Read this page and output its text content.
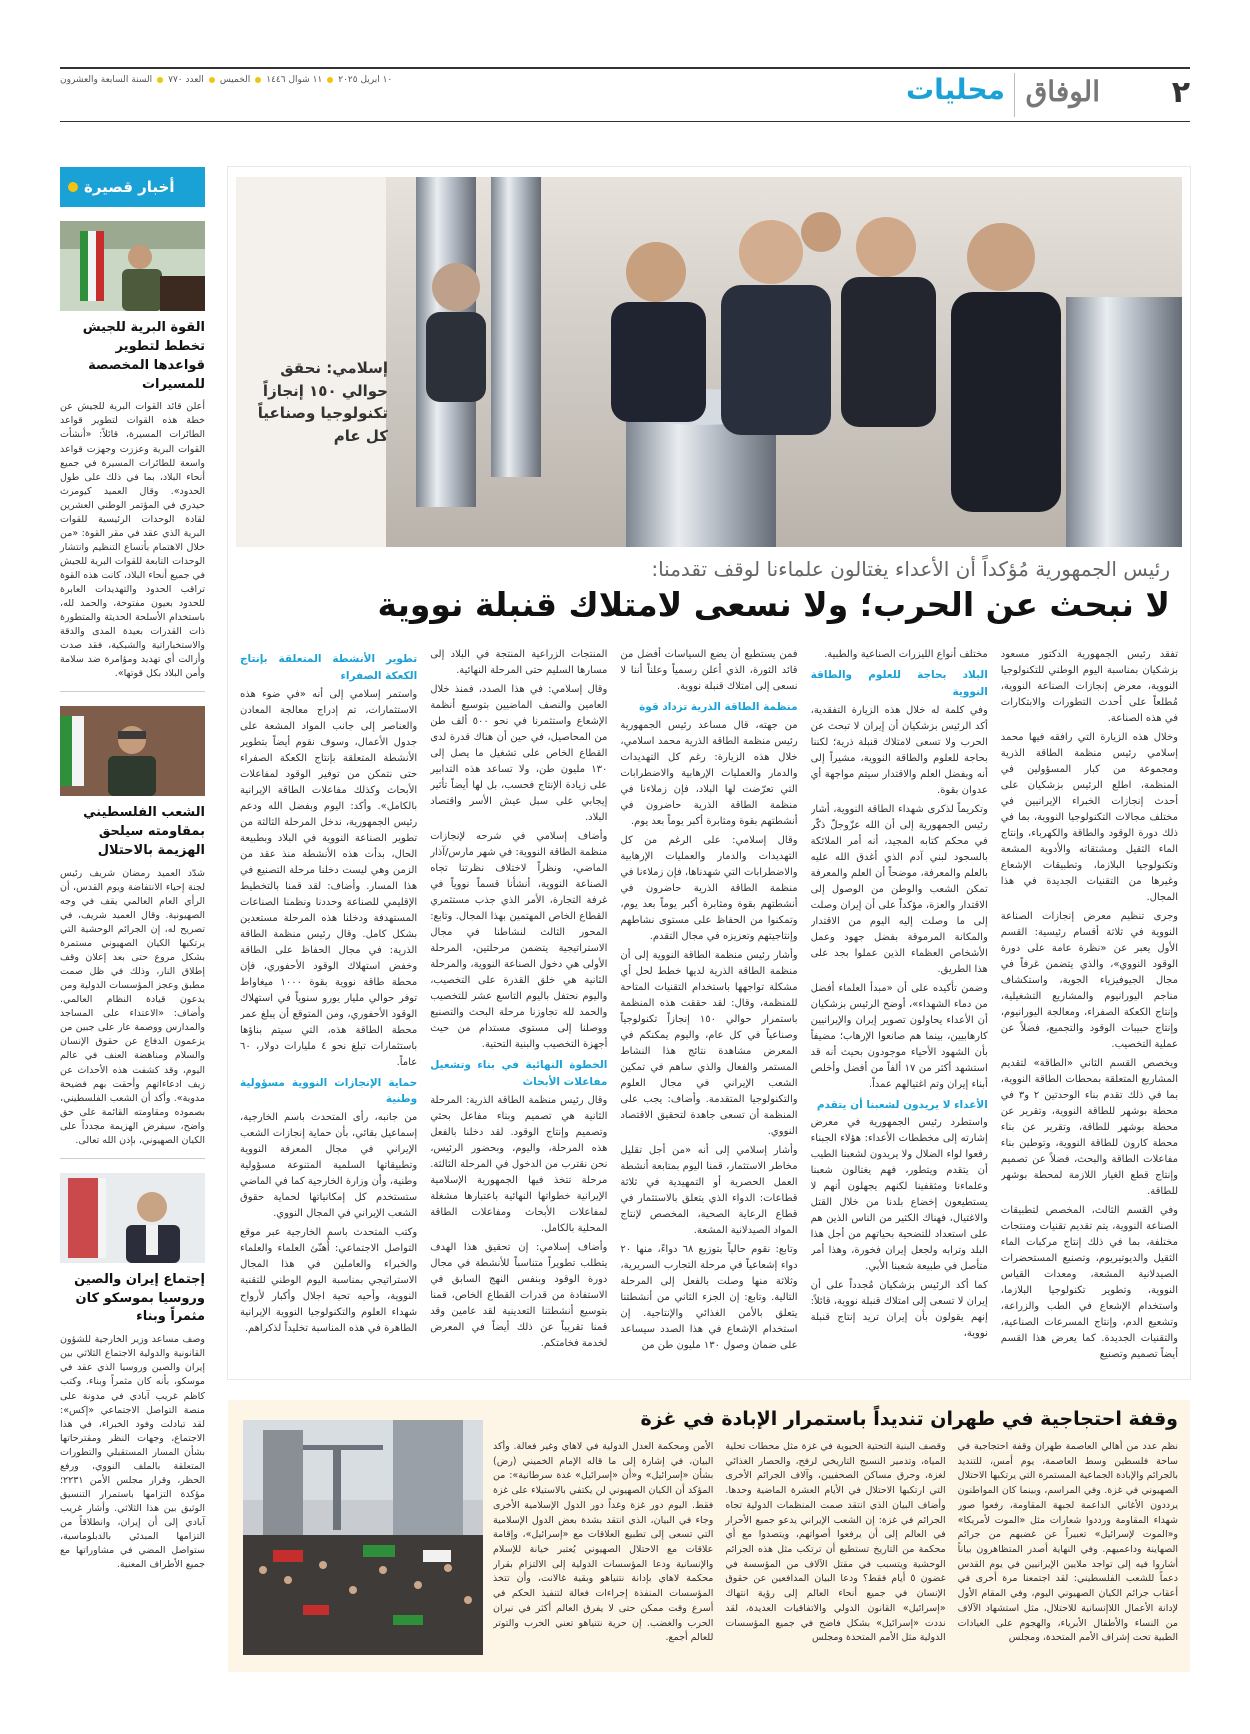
٢
الوفاق
محليات
السنة السابعة والعشرون العدد ٧٧٠ الخميس ١١ شوال ١٤٤٦ ١٠ ابريل ٢٠٢٥
أخبار قصيرة
القوة البرية للجيش تخطط لتطوير قواعدها المخصصة للمسيرات
أعلن قائد القوات البرية للجيش عن خطة هذه القوات لتطوير قواعد الطائرات المسيرة، قائلاً: «أنشأت القوات البرية وعززت وجهزت قواعد واسعة للطائرات المسيرة في جميع أنحاء البلاد، بما في ذلك على طول الحدود». وقال العميد كيومرث حيدري في المؤتمر الوطني العشرين لقادة الوحدات الرئيسية للقوات البرية الذي عقد في مقر القوة: «من خلال الاهتمام بأتساع التنظيم وانتشار الوحدات التابعة للقوات البرية للجيش في جميع أنحاء البلاد، كانت هذه القوة تراقب الحدود والتهديدات العابرة للحدود بعيون مفتوحة، والحمد لله، باستخدام الأسلحة الحديثة والمتطورة ذات القدرات بعيدة المدى والدقة والاستخباراتية والشبكية، فقد صدت وأزالت أي تهديد ومؤامرة ضد سلامة وأمن البلاد بكل قوتها».
الشعب الفلسطيني بمقاومته سيلحق الهزيمة بالاحتلال
شدّد العميد رمضان شريف رئيس لجنة إحياء الانتفاضة ويوم القدس، أن الرأي العام العالمي يقف في وجه الصهيونية. وقال العميد شريف، في تصريح له، إن الجرائم الوحشية التي يرتكبها الكيان الصهيوني مستمرة بشكل مروع حتى بعد إعلان وقف إطلاق النار، وذلك في ظل صمت مطبق وعجز المؤسسات الدولية ومن يدعون قيادة النظام العالمي. وأضاف: «الاعتداء على المساجد والمدارس ووصمة عار على جبين من يزعمون الدفاع عن حقوق الإنسان والسلام ومناهضة العنف في عالم اليوم، وقد كشفت هذه الأحداث عن زيف ادعاءاتهم وأحقت بهم فضيحة مدوية». وأكد أن الشعب الفلسطيني، بصموده ومقاومته القائمة على حق واضح، سيفرض الهزيمة مجدداً على الكيان الصهيوني، بإذن الله تعالى.
إجتماع إيران والصين وروسيا بموسكو كان مثمراً وبناء
وصف مساعد وزير الخارجية للشؤون القانونية والدولية الاجتماع الثلاثي بين إيران والصين وروسيا الذي عقد في موسكو، بأنه كان مثمراً وبناء. وكتب كاظم غريب آبادي في مدونة على منصة التواصل الاجتماعي «إكس»: لقد تبادلت وفود الخبراء، في هذا الاجتماع، وجهات النظر ومقترحاتها بشأن المسار المستقبلي والتطورات المتعلقة بالملف النووي، ورفع الحظر، وقرار مجلس الأمن ٢٢٣١؛ مؤكدة التزامها باستمرار التنسيق الوثيق بين هذا الثلاثي. وأشار غريب آبادي إلى أن إيران، وانطلاقاً من التزامها المبدئي بالدبلوماسية، ستواصل المضي في مشاوراتها مع جميع الأطراف المعنية.
إسلامي: نحقق حوالي ١٥٠ إنجازاً تكنولوجيا وصناعياً كل عام
رئيس الجمهورية مُؤكداً أن الأعداء يغتالون علماءنا لوقف تقدمنا:
لا نبحث عن الحرب؛ ولا نسعى لامتلاك قنبلة نووية

تفقد رئيس الجمهورية الدكتور مسعود بزشكيان بمناسبة اليوم الوطني للتكنولوجيا النووية، معرض إنجازات الصناعة النووية، مُطلعاً على أحدث التطورات والابتكارات في هذه الصناعة.

وخلال هذه الزيارة التي رافقه فيها محمد إسلامي رئيس منظمة الطاقة الذرية ومجموعة من كبار المسؤولين في المنظمة، اطلع الرئيس بزشكيان على أحدث إنجازات الخبراء الإيرانيين في مختلف مجالات التكنولوجيا النووية، بما في ذلك دورة الوقود والطاقة والكهرباء، وإنتاج الماء الثقيل ومشتقاته والأدوية المشعة وتكنولوجيا البلازما، وتطبيقات الإشعاع وغيرها من التقنيات الجديدة في هذا المجال.

وجرى تنظيم معرض إنجازات الصناعة النووية في ثلاثة أقسام رئيسية: القسم الأول يعبر عن «نظرة عامة على دورة الوقود النووي»، والذي يتضمن غرفاً في مجال الجيوفيزياء الجوية، واستكشاف مناجم اليورانيوم والمشاريع التشغيلية، وإنتاج الكعكة الصفراء، ومعالجة اليورانيوم، وإنتاج حبيبات الوقود والتجميع، فضلاً عن عملية التخصيب.

ويخصص القسم الثاني «الطاقة» لتقديم المشاريع المتعلقة بمحطات الطاقة النووية، بما في ذلك تقدم بناء الوحدتين ٢ و٣ في محطة بوشهر للطاقة النووية، وتقرير عن محطة بوشهر للطاقة، وتقرير عن بناء محطة كارون للطاقة النووية، وتوطين بناء مفاعلات الطاقة والبحث، فضلاً عن تصميم وإنتاج قطع الغيار اللازمة لمحطة بوشهر للطاقة.

وفي القسم الثالث، المخصص لتطبيقات الصناعة النووية، يتم تقديم تقنيات ومنتجات مختلفة، بما في ذلك إنتاج مركبات الماء الثقيل والديوتيريوم، وتصنيع المستحضرات الصيدلانية المشعة، ومعدات القياس النووية، وتطوير تكنولوجيا البلازما، واستخدام الإشعاع في الطب والزراعة، وتشعيع الدم، وإنتاج المسرعات الصناعية، والتقنيات الجديدة. كما يعرض هذا القسم أيضاً تصميم وتصنيع

مختلف أنواع الليزرات الصناعية والطبية.

البلاد بحاجة للعلوم والطاقة النووية

وفي كلمة له خلال هذه الزيارة التفقدية، أكد الرئيس بزشكيان أن إيران لا تبحث عن الحرب ولا تسعى لامتلاك قنبلة ذرية؛ لكننا بحاجة للعلوم والطاقة النووية، مشيراً إلى أنه وبفضل العلم والاقتدار سيتم مواجهة أي عدوان بقوة.

وتكريماً لذكرى شهداء الطاقة النووية، أشار رئيس الجمهورية إلى أن الله عزّوجلّ ذكّر في محكم كتابه المجيد، أنه أمر الملائكة بالسجود لبني آدم الذي أغدق الله عليه بالعلم والمعرفة، موضحاً أن العلم والمعرفة تمكن الشعب والوطن من الوصول إلى الاقتدار والعزة، مؤكداً على أن إيران وصلت إلى ما وصلت إليه اليوم من الاقتدار والمكانة المرموقة بفضل جهود وعمل الأشخاص العظماء الذين عملوا بجد على هذا الطريق.

وضمن تأكيده على أن «مبدأ العلماء أفضل من دماء الشهداء»، أوضح الرئيس بزشكيان أن الأعداء يحاولون تصوير إيران والإيرانيين كارهابيين، بينما هم صانعوا الإرهاب؛ مضيفاً بأن الشهود الأحياء موجودون بحيث أنه قد استشهد أكثر من ١٧ ألفاً من أفضل وأخلص أبناء إيران وتم اغتيالهم عمداً.

الأعداء لا يريدون لشعبنا أن يتقدم

واستطرد رئيس الجمهورية في معرض إشارته إلى مخططات الأعداء: هؤلاء الجبناء رفعوا لواء الضلال ولا يريدون لشعبنا الطيب أن يتقدم ويتطور، فهم يغتالون شعبنا وعلماءنا ومثقفينا لكنهم يجهلون أنهم لا يستطيعون إخضاع بلدنا من خلال القتل والاغتيال، فهناك الكثير من الناس الذين هم على استعداد للتضحية بحياتهم من أجل هذا البلد وترابه ولجعل إيران فخورة، وهذا أمر متأصل في طبيعة شعبنا الأبي.

كما أكد الرئيس بزشكيان مُجدداً على أن إيران لا تسعى إلى امتلاك قنبلة نووية، قائلاً: إنهم يقولون بأن إيران تريد إنتاج قنبلة نووية،

فمن يستطيع أن يضع السياسات أفضل من قائد الثورة، الذي أعلن رسمياً وعلناً أننا لا نسعى إلى امتلاك قنبلة نووية.

منظمة الطاقة الذرية تزداد قوة

من جهته، قال مساعد رئيس الجمهورية رئيس منظمة الطاقة الذرية محمد اسلامي، خلال هذه الزيارة: رغم كل التهديدات والدمار والعمليات الإرهابية والاضطرابات التي تعرّضت لها البلاد، فإن زملاءنا في منظمة الطاقة الذرية حاضرون في أنشطتهم بقوة ومثابرة أكبر يوماً بعد يوم.

وقال إسلامي: على الرغم من كل التهديدات والدمار والعمليات الإرهابية والاضطرابات التي شهدناها، فإن زملاءنا في منظمة الطاقة الذرية حاضرون في أنشطتهم بقوة ومثابرة أكبر يوماً بعد يوم، وتمكنوا من الحفاظ على مستوى نشاطهم وإنتاجيتهم وتعزيزه في مجال التقدم.

وأشار رئيس منظمة الطاقة النووية إلى أن منظمة الطاقة الذرية لديها خطط لحل أي مشكلة تواجهها باستخدام التقنيات المتاحة للمنظمة، وقال: لقد حققت هذه المنظمة باستمرار حوالي ١٥٠ إنجازاً تكنولوجياً وصناعياً في كل عام، واليوم يمكنكم في المعرض مشاهدة نتائج هذا النشاط المستمر والفعال والذي ساهم في تمكين الشعب الإيراني في مجال العلوم والتكنولوجيا المتقدمة. وأضاف: يجب على المنظمة أن تسعى جاهدة لتحقيق الاقتصاد النووي.

وأشار إسلامي إلى أنه «من أجل تقليل مخاطر الاستثمار، قمنا اليوم بمتابعة أنشطة العمل الحصرية أو التمهيدية في ثلاثة قطاعات: الدواء الذي يتعلق بالاستثمار في قطاع الرعاية الصحية، المخصص لإنتاج المواد الصيدلانية المشعة.

وتابع: نقوم حالياً بتوزيع ٦٨ دواءً، منها ٢٠ دواء إشعاعياً في مرحلة التجارب السريرية، وثلاثة منها وصلت بالفعل إلى المرحلة التالية. وتابع: إن الجزء الثاني من أنشطتنا يتعلق بالأمن الغذائي والإنتاجية. إن استخدام الإشعاع في هذا الصدد سيساعد على ضمان وصول ١٣٠ مليون طن من

المنتجات الزراعية المنتجة في البلاد إلى مسارها السليم حتى المرحلة النهائية.

وقال إسلامي: في هذا الصدد، فمنذ خلال العامين والنصف الماضيين بتوسيع أنظمة الإشعاع واستثمرنا في نحو ٥٠٠ ألف طن من المحاصيل، في حين أن هناك قدرة لدى القطاع الخاص على تشغيل ما يصل إلى ١٣٠ مليون طن، ولا تساعد هذه التدابير على زيادة الإنتاج فحسب، بل لها أيضاً تأثير إيجابي على سبل عيش الأسر واقتصاد البلاد.

وأضاف إسلامي في شرحه لإنجازات منظمة الطاقة النووية: في شهر مارس/آذار الماضي، ونظراً لاختلاف نظرتنا تجاه الصناعة النووية، أنشأنا قسماً نووياً في غرفة التجارة، الأمر الذي جذب مستثمري القطاع الخاص المهتمين بهذا المجال. وتابع: المحور الثالث لنشاطنا في مجال الاستراتيجية يتضمن مرحلتين، المرحلة الأولى هي دخول الصناعة النووية، والمرحلة الثانية هي خلق القدرة على التخصيب، واليوم نحتفل باليوم التاسع عشر للتخصيب والحمد لله تجاوزنا مرحلة البحث والتصنيع ووصلنا إلى مستوى مستدام من حيث أجهزة التخصيب والبنية التحتية.

الخطوة النهائية في بناء وتشغيل مفاعلات الأبحاث

وقال رئيس منظمة الطاقة الذرية: المرحلة الثانية هي تصميم وبناء مفاعل بحثي وتصميم وإنتاج الوقود. لقد دخلنا بالفعل هذه المرحلة، واليوم، وبحضور الرئيس، نحن نقترب من الدخول في المرحلة الثالثة. مرحلة تتخذ فيها الجمهورية الإسلامية الإيرانية خطواتها النهائية باعتبارها مشغلة لمفاعلات الأبحاث ومفاعلات الطاقة المحلية بالكامل.

وأضاف إسلامي: إن تحقيق هذا الهدف يتطلب تطويراً متناسباً للأنشطة في مجال دورة الوقود وبنفس النهج السابق في الاستفادة من قدرات القطاع الخاص، قمنا بتوسيع أنشطتنا التعدينية لقد عامين وقد قمنا تقريباً عن ذلك أيضاً في المعرض لخدمة فخامتكم.

تطوير الأنشطة المتعلقة بإنتاج الكعكة الصفراء

واستمر إسلامي إلى أنه «في ضوء هذه الاستثمارات، تم إدراج معالجة المعادن والعناصر إلى جانب المواد المشعة على جدول الأعمال، وسوف نقوم أيضاً بتطوير الأنشطة المتعلقة بإنتاج الكعكة الصفراء حتى نتمكن من توفير الوقود لمفاعلات الأبحاث وكذلك مفاعلات الطاقة الإيرانية بالكامل». وأكد: اليوم وبفضل الله ودعم رئيس الجمهورية، ندخل المرحلة الثالثة من تطوير الصناعة النووية في البلاد وبطبيعة الحال، بدأت هذه الأنشطة منذ عقد من الزمن وهي ليست دخلنا مرحلة التصنيع في هذا المسار. وأضاف: لقد قمنا بالتخطيط الإقليمي للصناعة وحددنا ونظمنا الصناعات المستهدفة ودخلنا هذه المرحلة مستعدين بشكل كامل. وقال رئيس منظمة الطاقة الذرية: في مجال الحفاظ على الطاقة وخفض استهلاك الوقود الأحفوري، فإن محطة طاقة نووية بقوة ١٠٠٠ ميغاواط توفر حوالي مليار يورو سنوياً في استهلاك الوقود الأحفوري، ومن المتوقع أن يبلغ عمر محطة الطاقة هذه، التي سيتم بناؤها باستثمارات تبلغ نحو ٤ مليارات دولار، ٦٠ عاماً.

حماية الإنجازات النووية مسؤولية وطنية

من جانبه، رأى المتحدث باسم الخارجية، إسماعيل بقائي، بأن حماية إنجازات الشعب الإيراني في مجال المعرفة النووية وتطبيقاتها السلمية المتنوعة مسؤولية وطنية، وأن وزارة الخارجية كما في الماضي ستستخدم كل إمكانياتها لحماية حقوق الشعب الإيراني في المجال النووي.

وكتب المتحدث باسم الخارجية عبر موقع التواصل الاجتماعي: أُهنّئ العلماء والعلماء والخبراء والعاملين في هذا المجال الاستراتيجي بمناسبة اليوم الوطني للتقنية النووية، وأحيه تحية اجلال وأكبار لأرواح شهداء العلوم والتكنولوجيا النووية الإيرانية الطاهرة في هذه المناسبة تخليداً لذكراهم.

وقفة احتجاجية في طهران تنديداً باستمرار الإبادة في غزة
نظم عدد من أهالي العاصمة طهران وقفة احتجاجية في ساحة فلسطين وسط العاصمة، يوم أمس، للتنديد بالجرائم والإبادة الجماعية المستمرة التي يرتكبها الاحتلال الصهيوني في غزة. وفي المراسم، وبينما كان المواطنون يرددون الأغاني الداعمة لجبهة المقاومة، رفعوا صور شهداء المقاومة ورددوا شعارات مثل «الموت لأمريكا» و«الموت لإسرائيل» تعبيراً عن غضبهم من جرائم الصهاينة وداعميهم. وفي النهاية أصدر المتظاهرون بياناً أشاروا فيه إلى تواجد ملايين الإيرانيين في يوم القدس دعماً للشعب الفلسطيني: لقد اجتمعنا مرة أخرى في أعقاب جرائم الكيان الصهيوني اليوم، وفي المقام الأول لإدانة الأعمال اللاإنسانية للاحتلال، مثل استشهاد الآلاف من النساء والأطفال الأبرياء، والهجوم على العيادات الطبية تحت إشراف الأمم المتحدة، ومجلس
وقصف البنية التحتية الحيوية في غزة مثل محطات تحلية المياه، وتدمير النسيج التاريخي لرفح، والحصار الغذائي لغزة، وحرق مساكن الصحفيين، وآلاف الجرائم الأخرى التي ارتكبها الاحتلال في الأيام العشرة الماضية وحدها. وأضاف البيان الذي انتقد صمت المنظمات الدولية تجاه الجرائم في غزة: إن الشعب الإيراني يدعو جميع الأحرار في العالم إلى أن يرفعوا أصواتهم، ويتصدوا مع أي محكمة من التاريخ تستطيع أن ترتكب مثل هذه الجرائم الوحشية ويتسبب في مقتل الآلاف من المؤسسة في غضون ٥ أيام فقط؟ ودعا البيان المدافعين عن حقوق الإنسان في جميع أنحاء العالم إلى رؤية انتهاك «إسرائيل» القانون الدولي والاتفاقيات العديدة، لقد نددت «إسرائيل» بشكل فاضح في جميع المؤسسات الدولية مثل الأمم المتحدة ومجلس
الأمن ومحكمة العدل الدولية في لاهاي وغير فعالة. وأكد البيان، في إشارة إلى ما قاله الإمام الخميني (رض) بشأن «إسرائيل» و«أن «إسرائيل» غدة سرطانية»: من المؤكد أن الكيان الصهيوني لن يكتفي بالاستيلاء على غزة فقط. اليوم دور غزة وغداً دور الدول الإسلامية الأخرى وجاء في البيان، الذي انتقد بشدة بعض الدول الإسلامية التي تسعى إلى تطبيع العلاقات مع «إسرائيل»، وإقامة علاقات مع الاحتلال الصهيوني يُعتبر خيانة للإسلام والإنسانية ودعا المؤسسات الدولية إلى الالتزام بقرار محكمة لاهاي بإدانة نتنياهو وبقية غالانت، وأن تتخذ المؤسسات المنفذة إجراءات فعالة لتنفيذ الحكم في أسرع وقت ممكن حتى لا يفرق العالم أكثر في نيران الحرب والغضب. إن حرية نتنياهو تعني الحرب والتوتر للعالم أجمع.
